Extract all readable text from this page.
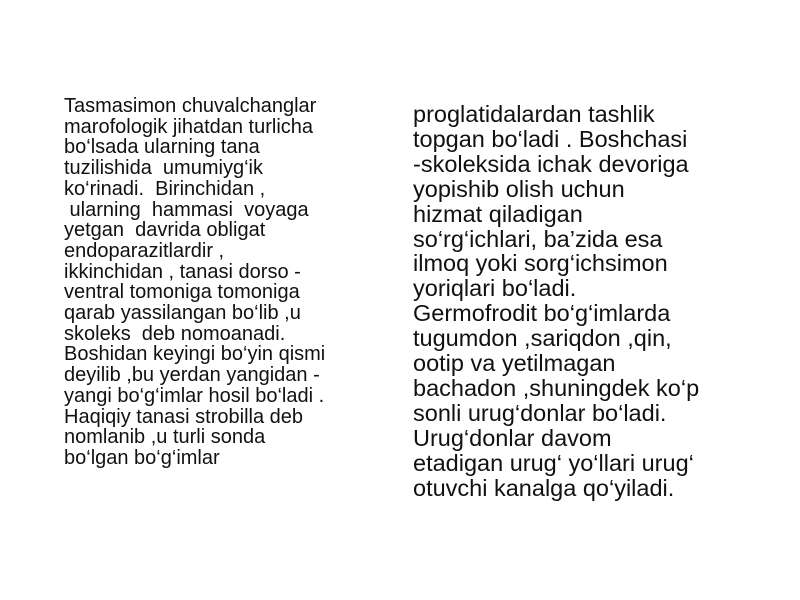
Tasmasimon chuvalchanglar
marofologik jihatdan turlicha
bo‘lsada ularning tana
tuzilishida  umumiyg‘ik
ko‘rinadi.  Birinchidan ,
ularning  hammasi  voyaga
yetgan  davrida obligat
endoparazitlardir ,
ikkinchidan , tanasi dorso -
ventral tomoniga tomoniga
qarab yassilangan bo‘lib ,u
skoleks  deb nomoanadi.
Boshidan keyingi bo‘yin qismi
deyilib ,bu yerdan yangidan -
yangi bo‘g‘imlar hosil bo‘ladi .
Haqiqiy tanasi strobilla deb
nomlanib ,u turli sonda
bo‘lgan bo‘g‘imlar
proglatidalardan tashlik
topgan bo‘ladi . Boshchasi
-skoleksida ichak devoriga
yopishib olish uchun
hizmat qiladigan
so‘rg‘ichlari, ba’zida esa
ilmoq yoki sorg‘ichsimon
yoriqlari bo‘ladi.
Germofrodit bo‘g‘imlarda
tugumdon ,sariqdon ,qin,
ootip va yetilmagan
bachadon ,shuningdek ko‘p
sonli urug‘donlar bo‘ladi.
Urug‘donlar davom
etadigan urug‘ yo‘llari urug‘
otuvchi kanalga qo‘yiladi.
